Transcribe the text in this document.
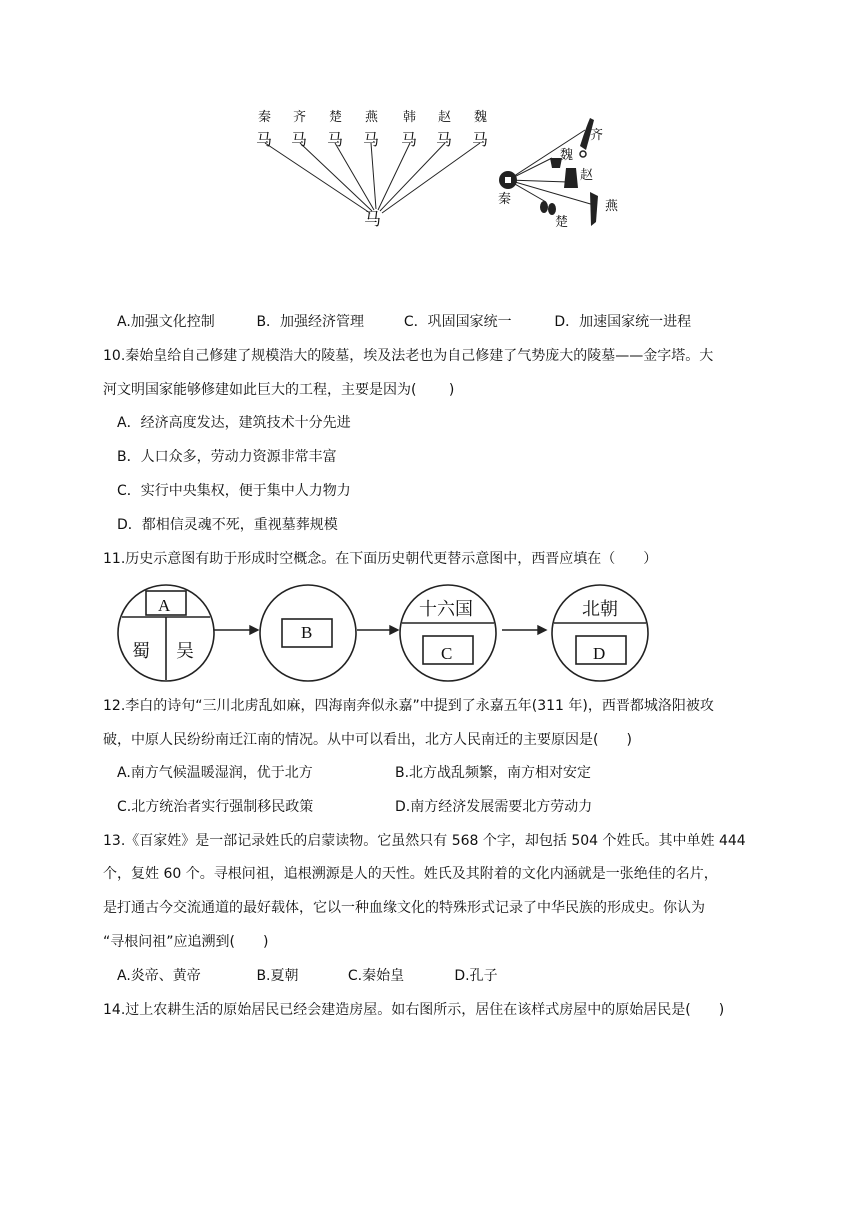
秦 齐 楚 燕 韩 赵 魏
马 马 马 马 马 马 马
马
齐
魏
赵
秦	燕
楚
A.加强文化控制	B．加强经济管理	C．巩固国家统一	D．加速国家统一进程
10.秦始皇给自己修建了规模浩大的陵墓，埃及法老也为自己修建了气势庞大的陵墓——金字塔。大
河文明国家能够修建如此巨大的工程，主要是因为(　　 )
A．经济高度发达，建筑技术十分先进
B．人口众多，劳动力资源非常丰富
C．实行中央集权，便于集中人力物力
D．都相信灵魂不死，重视墓葬规模
11.历史示意图有助于形成时空概念。在下面历史朝代更替示意图中，西晋应填在（　　）
A
蜀 吴
B
十六国
C
北朝
D
12.李白的诗句“三川北虏乱如麻，四海南奔似永嘉”中提到了永嘉五年(311 年)，西晋都城洛阳被攻
破，中原人民纷纷南迁江南的情况。从中可以看出，北方人民南迁的主要原因是(　　)
A.南方气候温暖湿润，优于北方	B.北方战乱频繁，南方相对安定
C.北方统治者实行强制移民政策	D.南方经济发展需要北方劳动力
13.《百家姓》是一部记录姓氏的启蒙读物。它虽然只有 568 个字，却包括 504 个姓氏。其中单姓 444
个，复姓 60 个。寻根问祖，追根溯源是人的天性。姓氏及其附着的文化内涵就是一张绝佳的名片，
是打通古今交流通道的最好载体，它以一种血缘文化的特殊形式记录了中华民族的形成史。你认为
“寻根问祖”应追溯到(　　)
A.炎帝、黄帝	B.夏朝	C.秦始皇	D.孔子
14.过上农耕生活的原始居民已经会建造房屋。如右图所示，居住在该样式房屋中的原始居民是(　　)
